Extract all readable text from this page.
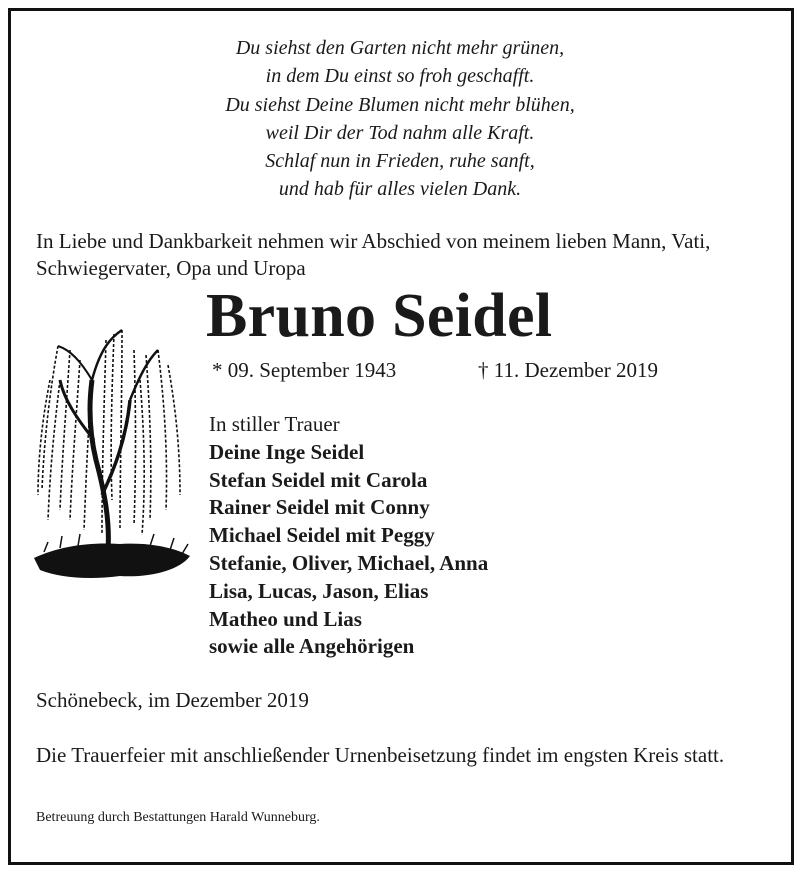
Du siehst den Garten nicht mehr grünen,
in dem Du einst so froh geschafft.
Du siehst Deine Blumen nicht mehr blühen,
weil Dir der Tod nahm alle Kraft.
Schlaf nun in Frieden, ruhe sanft,
und hab für alles vielen Dank.
In Liebe und Dankbarkeit nehmen wir Abschied von meinem lieben Mann, Vati, Schwiegervater, Opa und Uropa
Bruno Seidel
* 09. September 1943	† 11. Dezember 2019
In stiller Trauer
Deine Inge Seidel
Stefan Seidel mit Carola
Rainer Seidel mit Conny
Michael Seidel mit Peggy
Stefanie, Oliver, Michael, Anna
Lisa, Lucas, Jason, Elias
Matheo und Lias
sowie alle Angehörigen
Schönebeck, im Dezember 2019
Die Trauerfeier mit anschließender Urnenbeisetzung findet im engsten Kreis statt.
Betreuung durch Bestattungen Harald Wunneburg.
